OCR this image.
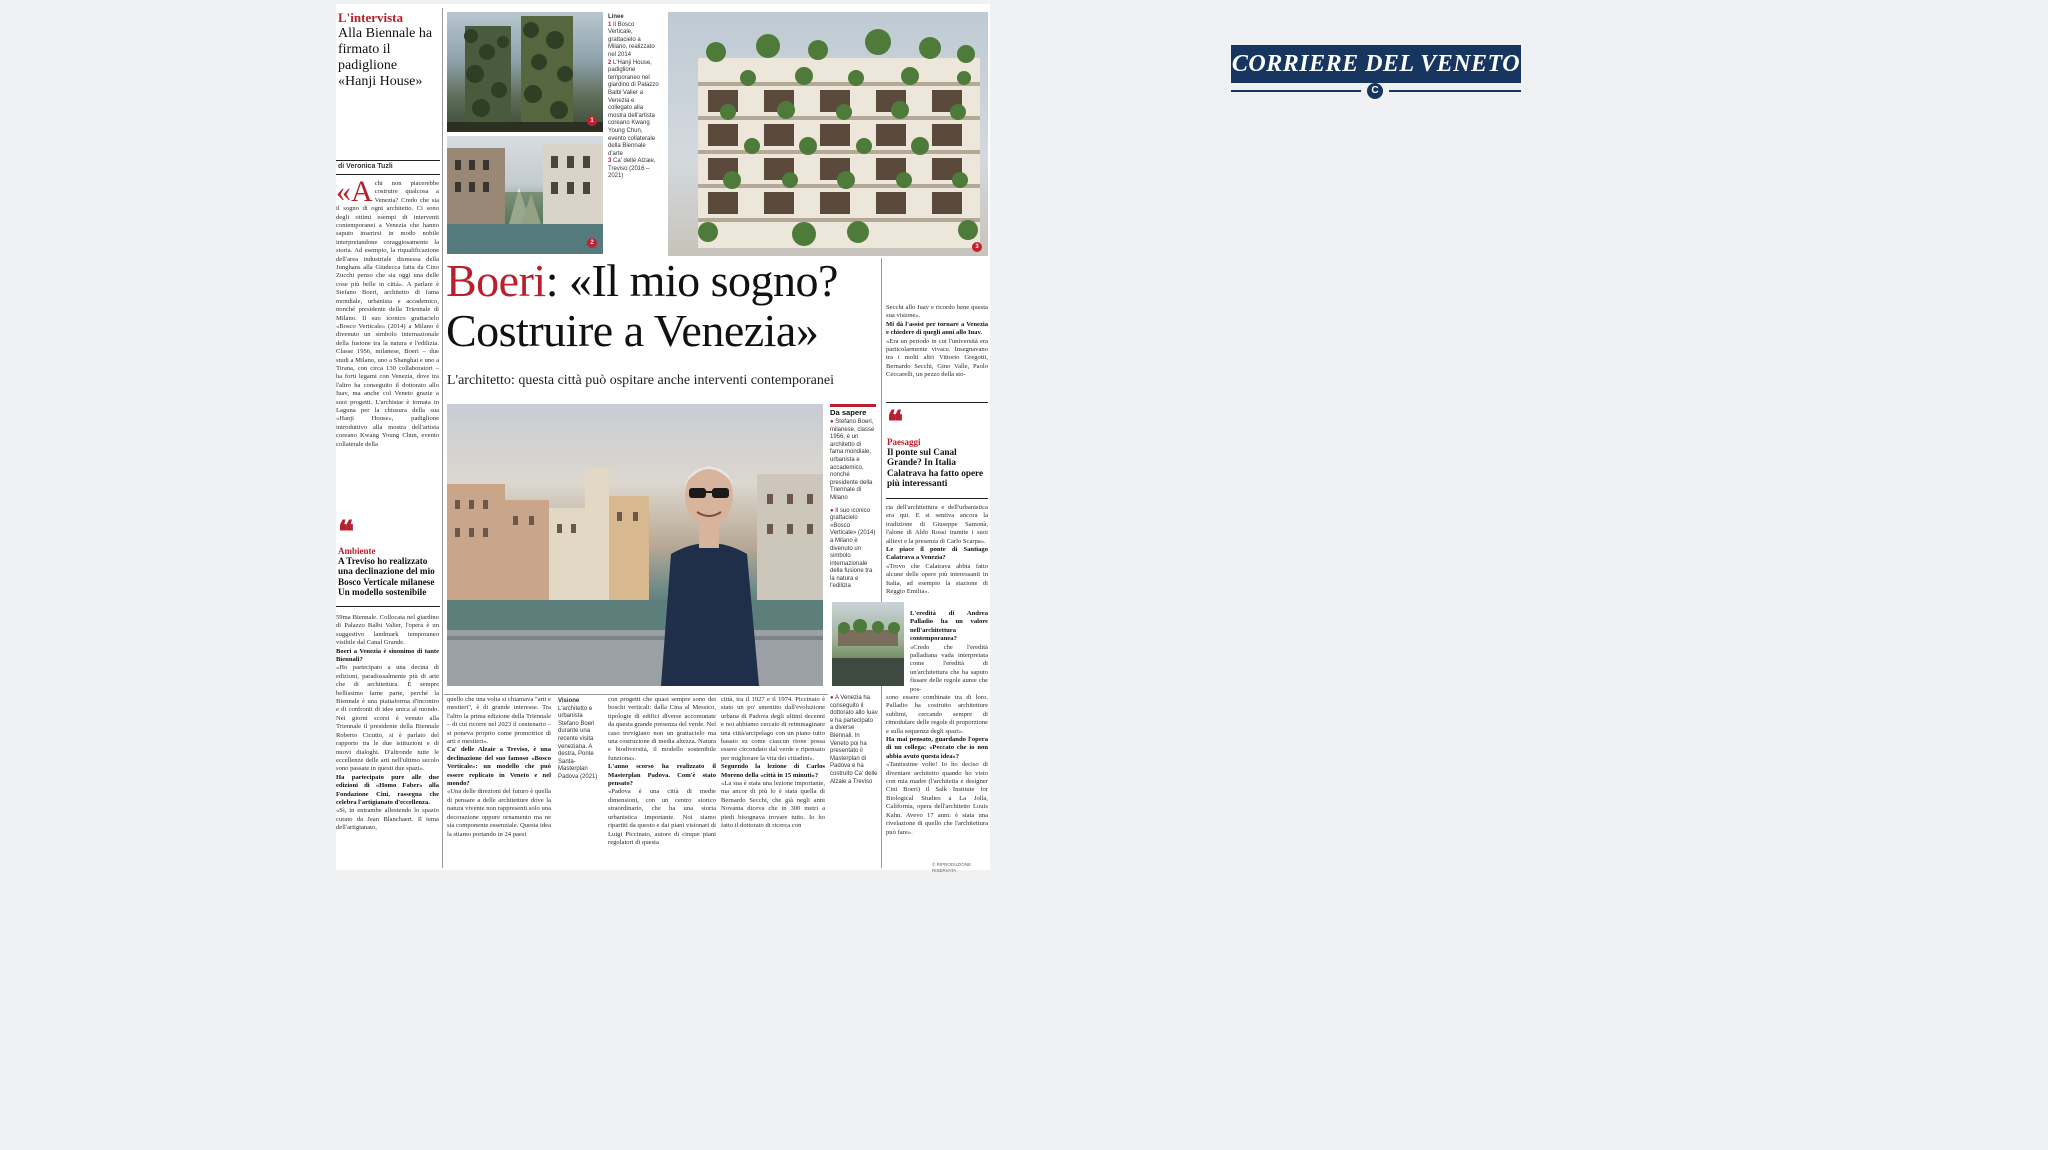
CORRIERE DEL VENETO
C
L'intervista
Alla Biennale ha firmato il padiglione «Hanji House»
di Veronica Tuzli
«A chi non piacerebbe costruire qualcosa a Venezia? Credo che sia il sogno di ogni architetto. Ci sono degli ottimi esempi di interventi contemporanei a Venezia che hanno saputo inserirsi in modo nobile interpretandone coraggiosamente la storia. Ad esempio, la riqualificazione dell'area industriale dismessa della Junghans alla Giudecca fatta da Cino Zucchi penso che sia oggi una delle cose più belle in città». A parlare è Stefano Boeri, architetto di fama mondiale, urbanista e accademico, nonché presidente della Triennale di Milano. Il suo iconico grattacielo «Bosco Verticale» (2014) a Milano è divenuto un simbolo internazionale della fusione tra la natura e l'edilizia. Classe 1956, milanese, Boeri – due studi a Milano, uno a Shanghai e uno a Tirana, con circa 130 collaboratori – ha forti legami con Venezia, dove tra l'altro ha conseguito il dottorato allo Iuav, ma anche col Veneto grazie a suoi progetti. L'archistar è tornata in Laguna per la chiusura della sua «Hanji House», padiglione introduttivo alla mostra dell'artista coreano Kwang Young Chun, evento collaterale della
❝
Ambiente
A Treviso ho realizzato una declinazione del mio Bosco Verticale milanese Un modello sostenibile

59ma Biennale. Collocata nel giardino di Palazzo Balbi Valier, l'opera è un suggestivo landmark temporaneo visibile dal Canal Grande.

Boeri a Venezia è sinonimo di tante Biennali?

«Ho partecipato a una decina di edizioni, paradossalmente più di arte che di architettura. È sempre bellissimo farne parte, perché la Biennale è una piattaforma d'incontro e di confronti di idee unica al mondo. Nei giorni scorsi è venuto alla Triennale il presidente della Biennale Roberto Cicutto, si è parlato del rapporto tra le due istituzioni e di nuovi dialoghi. D'altronde tutte le eccellenze delle arti nell'ultimo secolo sono passate in questi due spazi».

Ha partecipato pure alle due edizioni di «Homo Faber» alla Fondazione Cini, rassegna che celebra l'artigianato d'eccellenza.

«Sì, in entrambe allestendo lo spazio curato da Jean Blanchaert. Il tema dell'artigianato,

1
2
Linee
1 Il Bosco Verticale, grattacielo a Milano, realizzato nel 2014
2 L'Hanji House, padiglione temporaneo nel giardino di Palazzo Balbi Valier a Venezia e collegato alla mostra dell'artista coreano Kwang Young Chun, evento collaterale della Biennale d'arte
3 Ca' delle Alzaie, Treviso (2016 – 2021)
3
Boeri: «Il mio sogno?
Costruire a Venezia»
L'architetto: questa città può ospitare anche interventi contemporanei

Secchi allo Iuav e ricordo bene questa sua visione».

Mi dà l'assist per tornare a Venezia e chiedere di quegli anni allo Iuav.

«Era un periodo in cui l'università era particolarmente vivace. Insegnavano tra i molti altri Vittorio Gregotti, Bernardo Secchi, Gino Valle, Paolo Ceccarelli, un pezzo della sto-

❝
Paesaggi
Il ponte sul Canal Grande? In Italia Calatrava ha fatto opere più interessanti

ria dell'architettura e dell'urbanistica era qui. E si sentiva ancora la tradizione di Giuseppe Samonà, l'alone di Aldo Rossi tramite i suoi allievi e la presenza di Carlo Scarpa».

Le piace il ponte di Santiago Calatrava a Venezia?

«Trovo che Calatrava abbia fatto alcune delle opere più interessanti in Italia, ad esempio la stazione di Reggio Emilia».

L'eredità di Andrea Palladio ha un valore nell'architettura contemporanea?

«Credo che l'eredità palladiana vada interpretata come l'eredità di un'architettura che ha saputo fissare delle regole auree che pos-

sono essere combinate tra di loro. Palladio ha costruito architetture sublimi, cercando sempre di rimodulare delle regole di proporzione e sulla sequenza degli spazi».

Ha mai pensato, guardando l'opera di un collega: «Peccato che io non abbia avuto questa idea»?

«Tantissime volte! Io ho deciso di diventare architetto quando ho visto con mia madre (l'architetta e designer Cini Boeri) il Salk Institute for Biological Studies a La Jolla, California, opera dell'architetto Louis Kahn. Avevo 17 anni: è stata una rivelazione di quello che l'architettura può fare».

© RIPRODUZIONE RISERVATA
Da sapere
● Stefano Boeri, milanese, classe 1956, è un architetto di fama mondiale, urbanista e accademico, nonché presidente della Triennale di Milano
● Il suo iconico grattacielo «Bosco Verticale» (2014) a Milano è divenuto un simbolo internazionale della fusione tra la natura e l'edilizia
● A Venezia ha conseguito il dottorato allo Iuav e ha partecipato a diverse Biennali. In Veneto poi ha presentato il Masterplan di Padova e ha costruito Ca' delle Alzaie a Treviso

quello che una volta si chiamava "arti e mestieri", è di grande interesse. Tra l'altro la prima edizione della Triennale – di cui ricorre nel 2023 il centenario – si poneva proprio come promotrice di arti e mestieri».

Ca' delle Alzaie a Treviso, è una declinazione del suo famoso «Bosco Verticale»: un modello che può essere replicato in Veneto e nel mondo?

«Una delle direzioni del futuro è quella di pensare a delle architetture dove la natura vivente non rappresenti solo una decorazione oppure ornamento ma ne sia componente essenziale. Questa idea la stiamo portando in 24 paesi

Visione
L'architetto e urbanista Stefano Boeri durante una recente visita veneziana. A destra, Ponte Santa-Masterplan Padova (2021)

con progetti che quasi sempre sono dei boschi verticali: dalla Cina al Messico, tipologie di edifici diverse accomunate da questa grande presenza del verde. Nel caso trevigiano non un grattacielo ma una costruzione di media altezza. Natura e biodiversità, il modello sostenibile funziona».

L'anno scorso ha realizzato il Masterplan Padova. Com'è stato pensato?

«Padova è una città di medie dimensioni, con un centro storico straordinario, che ha una storia urbanistica importante. Noi siamo ripartiti da questo e dai piani visionari di Luigi Piccinato, autore di cinque piani regolatori di questa

città, tra il 1927 e il 1974. Piccinato è stato un po' smentito dall'evoluzione urbana di Padova degli ultimi decenni e noi abbiamo cercato di reimmaginare una città/arcipelago con un piano tutto basato su come ciascun rione possa essere circondato dal verde e ripensato per migliorare la vita dei cittadini».

Seguendo la lezione di Carlos Moreno della «città in 15 minuti»?

«La sua è stata una lezione importante, ma ancor di più lo è stata quella di Bernardo Secchi, che già negli anni Novanta diceva che in 300 metri a piedi bisognava trovare tutto. Io ho fatto il dottorato di ricerca con
